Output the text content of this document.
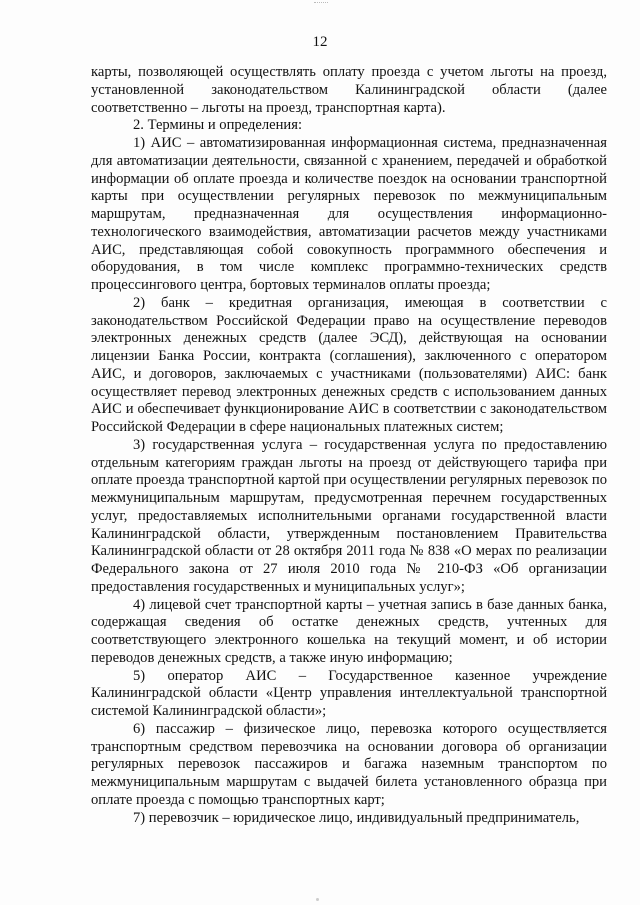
12

карты, позволяющей осуществлять оплату проезда с учетом льготы на проезд, установленной законодательством Калининградской области (далее соответственно – льготы на проезд, транспортная карта).

2. Термины и определения:

1) АИС – автоматизированная информационная система, предназначенная для автоматизации деятельности, связанной с хранением, передачей и обработкой информации об оплате проезда и количестве поездок на основании транспортной карты при осуществлении регулярных перевозок по межмуниципальным маршрутам, предназначенная для осуществления информационно-технологического взаимодействия, автоматизации расчетов между участниками АИС, представляющая собой совокупность программного обеспечения и оборудования, в том числе комплекс программно-технических средств процессингового центра, бортовых терминалов оплаты проезда;

2) банк – кредитная организация, имеющая в соответствии с законодательством Российской Федерации право на осуществление переводов электронных денежных средств (далее ЭСД), действующая на основании лицензии Банка России, контракта (соглашения), заключенного с оператором АИС, и договоров, заключаемых с участниками (пользователями) АИС: банк осуществляет перевод электронных денежных средств с использованием данных АИС и обеспечивает функционирование АИС в соответствии с законодательством Российской Федерации в сфере национальных платежных систем;

3) государственная услуга – государственная услуга по предоставлению отдельным категориям граждан льготы на проезд от действующего тарифа при оплате проезда транспортной картой при осуществлении регулярных перевозок по межмуниципальным маршрутам, предусмотренная перечнем государственных услуг, предоставляемых исполнительными органами государственной власти Калининградской области, утвержденным постановлением Правительства Калининградской области от 28 октября 2011 года № 838 «О мерах по реализации Федерального закона от 27 июля 2010 года № 210-ФЗ «Об организации предоставления государственных и муниципальных услуг»;

4) лицевой счет транспортной карты – учетная запись в базе данных банка, содержащая сведения об остатке денежных средств, учтенных для соответствующего электронного кошелька на текущий момент, и об истории переводов денежных средств, а также иную информацию;

5) оператор АИС – Государственное казенное учреждение Калининградской области «Центр управления интеллектуальной транспортной системой Калининградской области»;

6) пассажир – физическое лицо, перевозка которого осуществляется транспортным средством перевозчика на основании договора об организации регулярных перевозок пассажиров и багажа наземным транспортом по межмуниципальным маршрутам с выдачей билета установленного образца при оплате проезда с помощью транспортных карт;

7) перевозчик – юридическое лицо, индивидуальный предприниматель,
